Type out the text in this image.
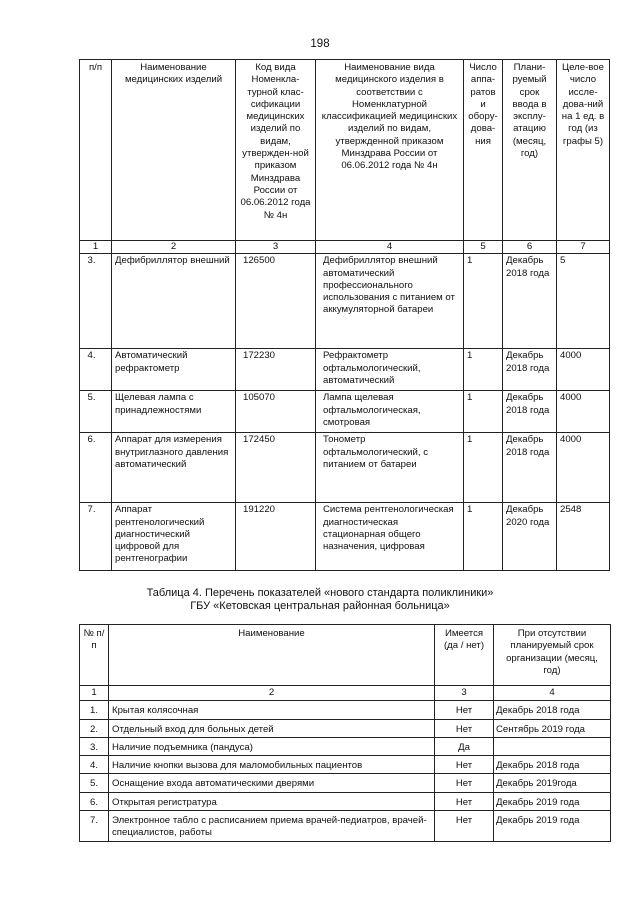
198
п/п	Наименование медицинских изделий	Код вида Номенкла-турной клас-сификации медицинских изделий по видам, утвержден-ной приказом Минздрава России от 06.06.2012 года № 4н	Наименование вида медицинского изделия в соответствии с Номенклатурной классификацией медицинских изделий по видам, утвержденной приказом Минздрава России от 06.06.2012 года № 4н	Число аппа-ратов и обору-дова-ния	Плани-руемый срок ввода в эксплу-атацию (месяц, год)	Целе-вое число иссле-дова-ний на 1 ед. в год (из графы 5)
1	2	3	4	5	6	7
3.	Дефибриллятор внешний	126500	Дефибриллятор внешний автоматический профессионального использования с питанием от аккумуляторной батареи	1	Декабрь 2018 года	5
4.	Автоматический рефрактометр	172230	Рефрактометр офтальмологический, автоматический	1	Декабрь 2018 года	4000
5.	Щелевая лампа с принадлежностями	105070	Лампа щелевая офтальмологическая, смотровая	1	Декабрь 2018 года	4000
6.	Аппарат для измерения внутриглазного давления автоматический	172450	Тонометр офтальмологический, с питанием от батареи	1	Декабрь 2018 года	4000
7.	Аппарат рентгенологический диагностический цифровой для рентгенографии	191220	Система рентгенологическая диагностическая стационарная общего назначения, цифровая	1	Декабрь 2020 года	2548
Таблица 4. Перечень показателей «нового стандарта поликлиники»
ГБУ «Кетовская центральная районная больница»
№ п/п	Наименование	Имеется (да / нет)	При отсутствии планируемый срок организации (месяц, год)
1	2	3	4
1.	Крытая колясочная	Нет	Декабрь 2018 года
2.	Отдельный вход для больных детей	Нет	Сентябрь 2019 года
3.	Наличие подъемника (пандуса)	Да	
4.	Наличие кнопки вызова для маломобильных пациентов	Нет	Декабрь 2018 года
5.	Оснащение входа автоматическими дверями	Нет	Декабрь 2019года
6.	Открытая регистратура	Нет	Декабрь 2019 года
7.	Электронное табло с расписанием приема врачей-педиатров, врачей-специалистов, работы	Нет	Декабрь 2019 года
